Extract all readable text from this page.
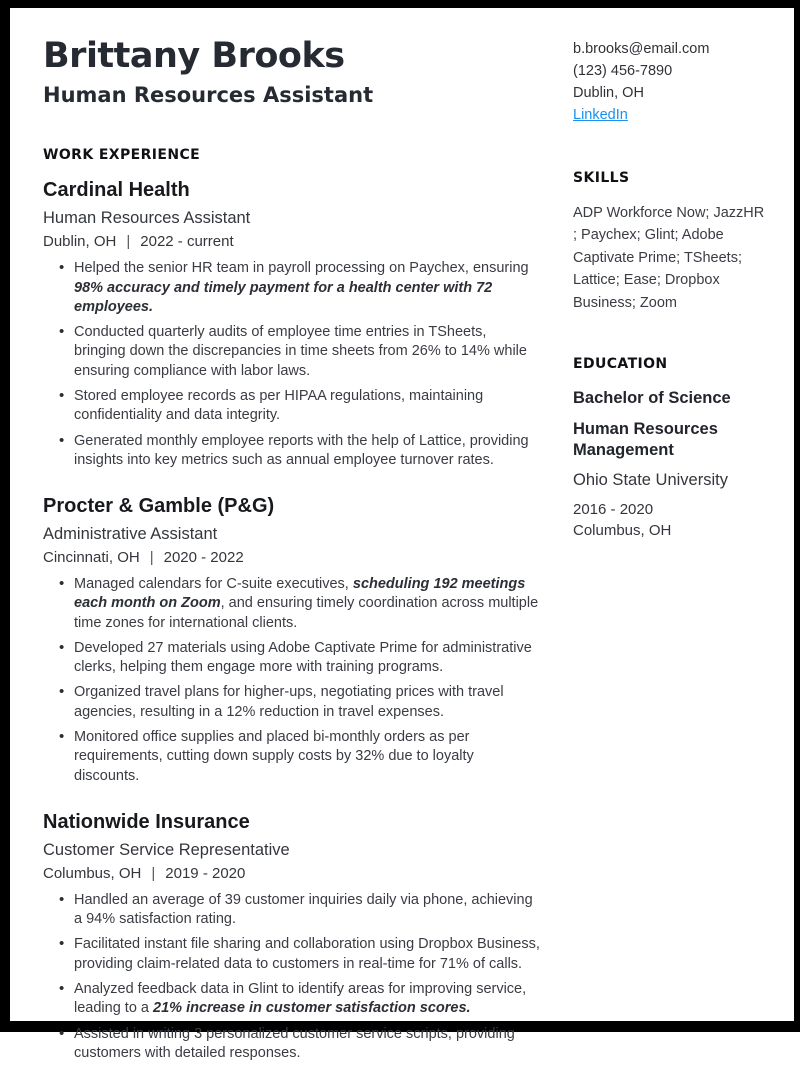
Brittany Brooks
Human Resources Assistant
WORK EXPERIENCE
Cardinal Health
Human Resources Assistant
Dublin, OH | 2022 - current
• Helped the senior HR team in payroll processing on Paychex, ensuring 98% accuracy and timely payment for a health center with 72 employees.
• Conducted quarterly audits of employee time entries in TSheets, bringing down the discrepancies in time sheets from 26% to 14% while ensuring compliance with labor laws.
• Stored employee records as per HIPAA regulations, maintaining confidentiality and data integrity.
• Generated monthly employee reports with the help of Lattice, providing insights into key metrics such as annual employee turnover rates.
Procter & Gamble (P&G)
Administrative Assistant
Cincinnati, OH | 2020 - 2022
• Managed calendars for C-suite executives, scheduling 192 meetings each month on Zoom, and ensuring timely coordination across multiple time zones for international clients.
• Developed 27 materials using Adobe Captivate Prime for administrative clerks, helping them engage more with training programs.
• Organized travel plans for higher-ups, negotiating prices with travel agencies, resulting in a 12% reduction in travel expenses.
• Monitored office supplies and placed bi-monthly orders as per requirements, cutting down supply costs by 32% due to loyalty discounts.
Nationwide Insurance
Customer Service Representative
Columbus, OH | 2019 - 2020
• Handled an average of 39 customer inquiries daily via phone, achieving a 94% satisfaction rating.
• Facilitated instant file sharing and collaboration using Dropbox Business, providing claim-related data to customers in real-time for 71% of calls.
• Analyzed feedback data in Glint to identify areas for improving service, leading to a 21% increase in customer satisfaction scores.
• Assisted in writing 3 personalized customer service scripts, providing customers with detailed responses.
b.brooks@email.com
(123) 456-7890
Dublin, OH
LinkedIn
SKILLS
ADP Workforce Now; JazzHR ; Paychex; Glint; Adobe Captivate Prime; TSheets; Lattice; Ease; Dropbox Business; Zoom
EDUCATION
Bachelor of Science
Human Resources Management
Ohio State University
2016 - 2020
Columbus, OH
